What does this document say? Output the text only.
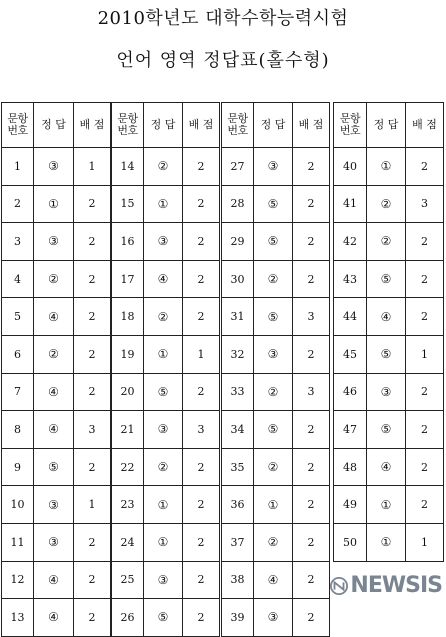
2010학년도 대학수학능력시험
언어 영역 정답표(홀수형)
문항 번호	정 답	배 점
1	③	1
2	①	2
3	③	2
4	②	2
5	④	2
6	②	2
7	④	2
8	④	3
9	⑤	2
10	③	1
11	③	2
12	④	2
13	④	2
문항 번호	정 답	배 점
14	②	2
15	①	2
16	③	2
17	④	2
18	②	2
19	①	1
20	⑤	2
21	③	3
22	②	2
23	①	2
24	①	2
25	③	2
26	⑤	2
문항 번호	정 답	배 점
27	③	2
28	⑤	2
29	⑤	2
30	②	2
31	⑤	3
32	③	2
33	②	3
34	⑤	2
35	②	2
36	①	2
37	②	2
38	④	2
39	③	2
문항 번호	정 답	배 점
40	①	2
41	②	3
42	②	2
43	⑤	2
44	④	2
45	⑤	1
46	③	2
47	⑤	2
48	④	2
49	①	2
50	①	1
NEWSIS
